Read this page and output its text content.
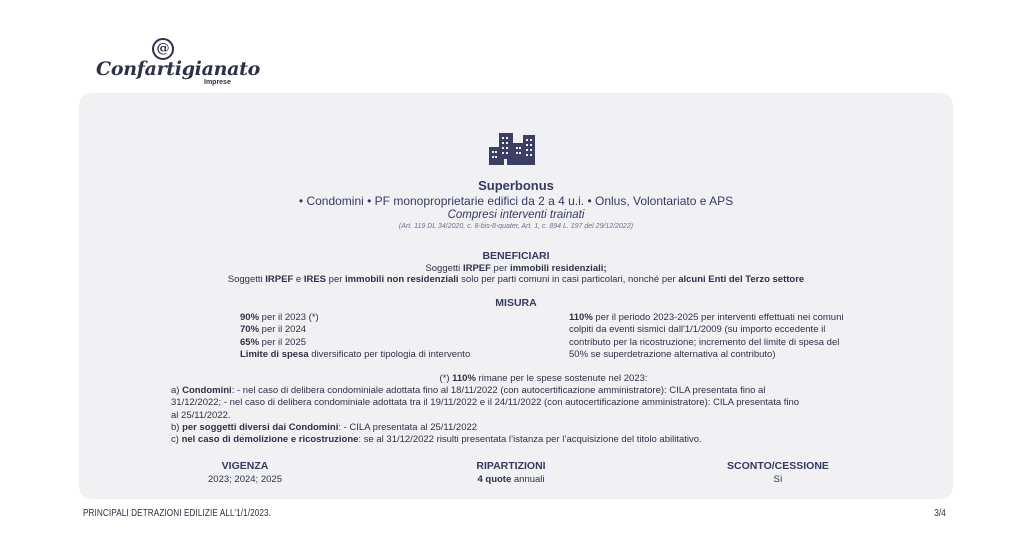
@
Confartigianato
Imprese
Superbonus
• Condomini • PF monoproprietarie edifici da 2 a 4 u.i. • Onlus, Volontariato e APS
Compresi interventi trainati
(Art. 119 DL 34/2020, c. 8-bis-8-quater, Art. 1, c. 894 L. 197 del 29/12/2022)
BENEFICIARI
Soggetti IRPEF per immobili residenziali;
Soggetti IRPEF e IRES per immobili non residenziali solo per parti comuni in casi particolari, nonché per alcuni Enti del Terzo settore
MISURA
90% per il 2023 (*)
70% per il 2024
65% per il 2025
Limite di spesa diversificato per tipologia di intervento
110% per il periodo 2023-2025 per interventi effettuati nei comuni
colpiti da eventi sismici dall'1/1/2009 (su importo eccedente il
contributo per la ricostruzione; incremento del limite di spesa del
50% se superdetrazione alternativa al contributo)
(*) 110% rimane per le spese sostenute nel 2023:
a) Condomini: - nel caso di delibera condominiale adottata fino al 18/11/2022 (con autocertificazione amministratore): CILA presentata fino al
31/12/2022; - nel caso di delibera condominiale adottata tra il 19/11/2022 e il 24/11/2022 (con autocertificazione amministratore): CILA presentata fino
al 25/11/2022.
b) per soggetti diversi dai Condomini: - CILA presentata al 25/11/2022
c) nel caso di demolizione e ricostruzione: se al 31/12/2022 risulti presentata l’istanza per l’acquisizione del titolo abilitativo.
VIGENZA
2023; 2024; 2025
RIPARTIZIONI
4 quote annuali
SCONTO/CESSIONE
Sì
PRINCIPALI DETRAZIONI EDILIZIE ALL’1/1/2023.	3/4
